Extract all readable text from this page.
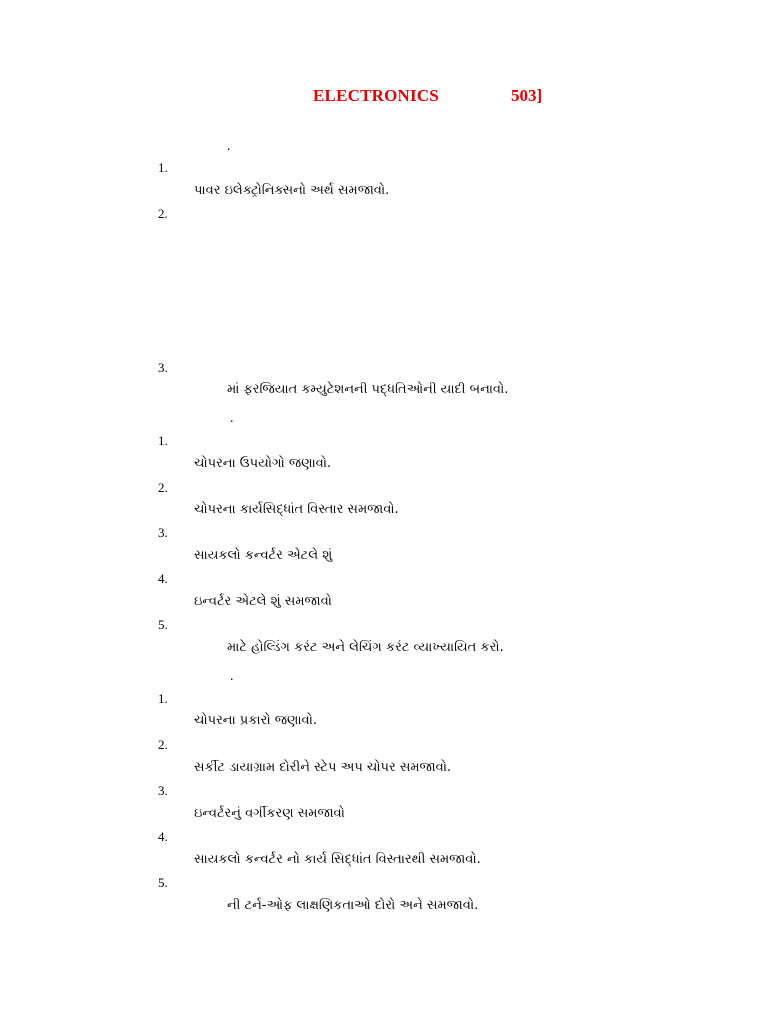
ELECTRONICS	503]
.
1.
પાવર ઇલેક્ટ્રોનિક્સનો અર્થ સમજાવો.
2.
3.
માં ફરજિયાત કમ્યુટેશનની પદ્ધતિઓની યાદી બનાવો.
.
1.
ચોપરના ઉપયોગો જણાવો.
2.
ચોપરના કાર્યસિદ્ધાંત વિસ્તાર સમજાવો.
3.
સાયકલો કન્વર્ટર એટલે શું
4.
ઇન્વર્ટર એટલે શું સમજાવો
5.
માટે હોલ્ડિંગ કરંટ અને લેચિંગ કરંટ વ્યાખ્યાયિત કરો.
.
1.
ચોપરના પ્રકારો જણાવો.
2.
સર્કીટ ડાયાગ્રામ દોરીને સ્ટેપ અપ ચોપર સમજાવો.
3.
ઇન્વર્ટરનું વર્ગીકરણ સમજાવો
4.
સાયકલો કન્વર્ટર નો કાર્ય સિદ્ધાંત વિસ્તારથી સમજાવો.
5.
ની ટર્ન-ઓફ લાક્ષણિકતાઓ દોરો અને સમજાવો.
